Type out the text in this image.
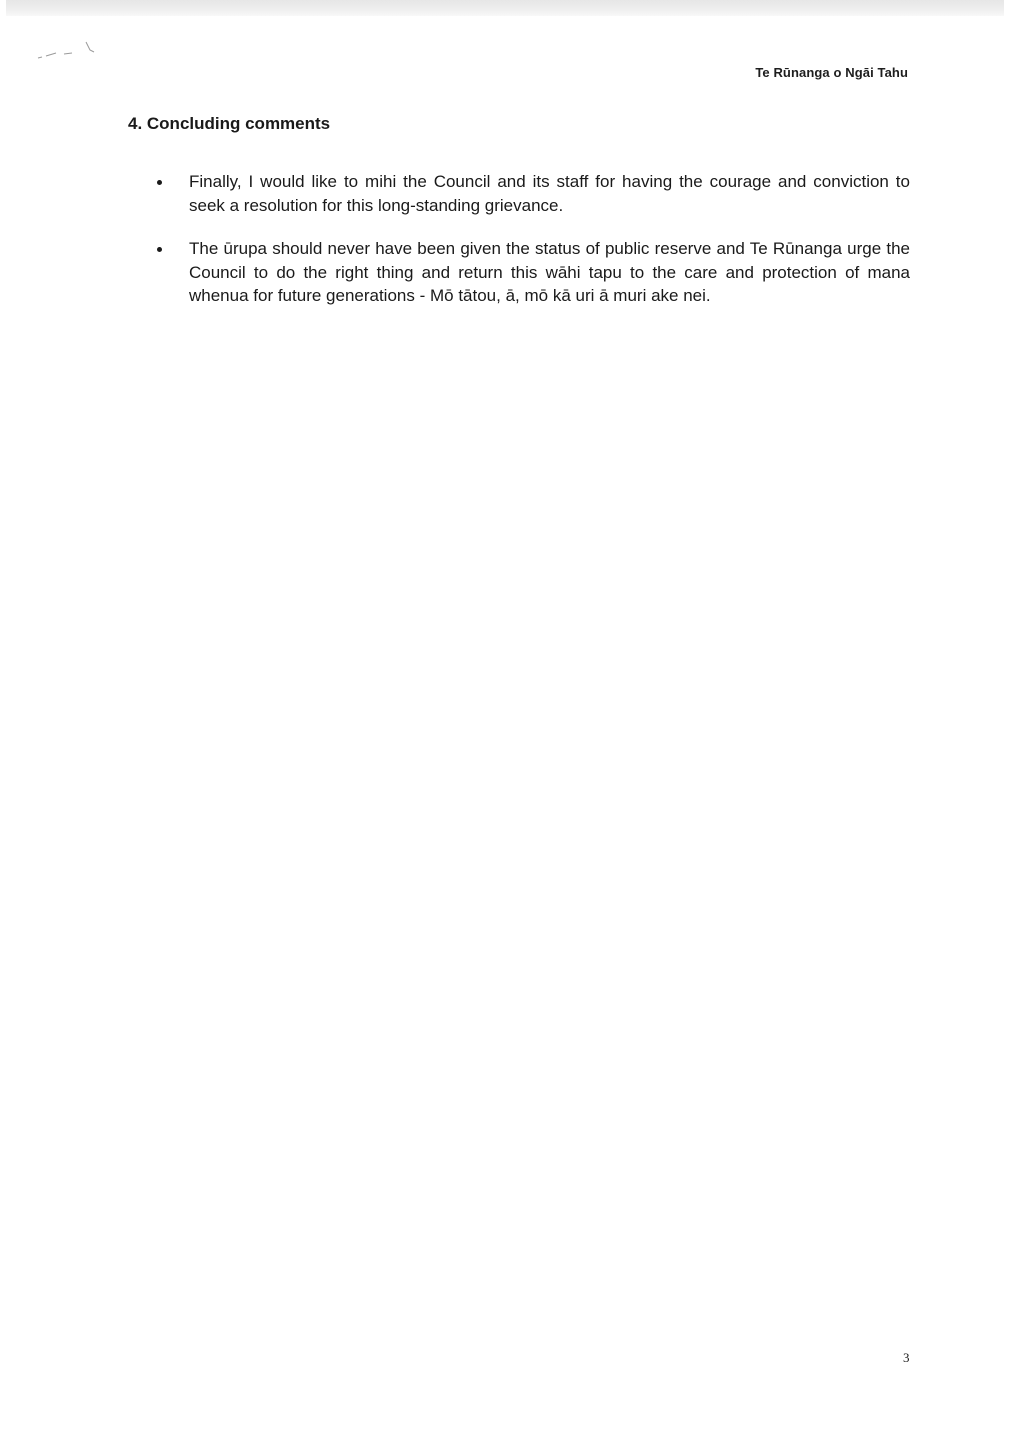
Te Rūnanga o Ngāi Tahu
4. Concluding comments
Finally, I would like to mihi the Council and its staff for having the courage and conviction to seek a resolution for this long-standing grievance.
The ūrupa should never have been given the status of public reserve and Te Rūnanga urge the Council to do the right thing and return this wāhi tapu to the care and protection of mana whenua for future generations - Mō tātou, ā, mō kā uri ā muri ake nei.
3
